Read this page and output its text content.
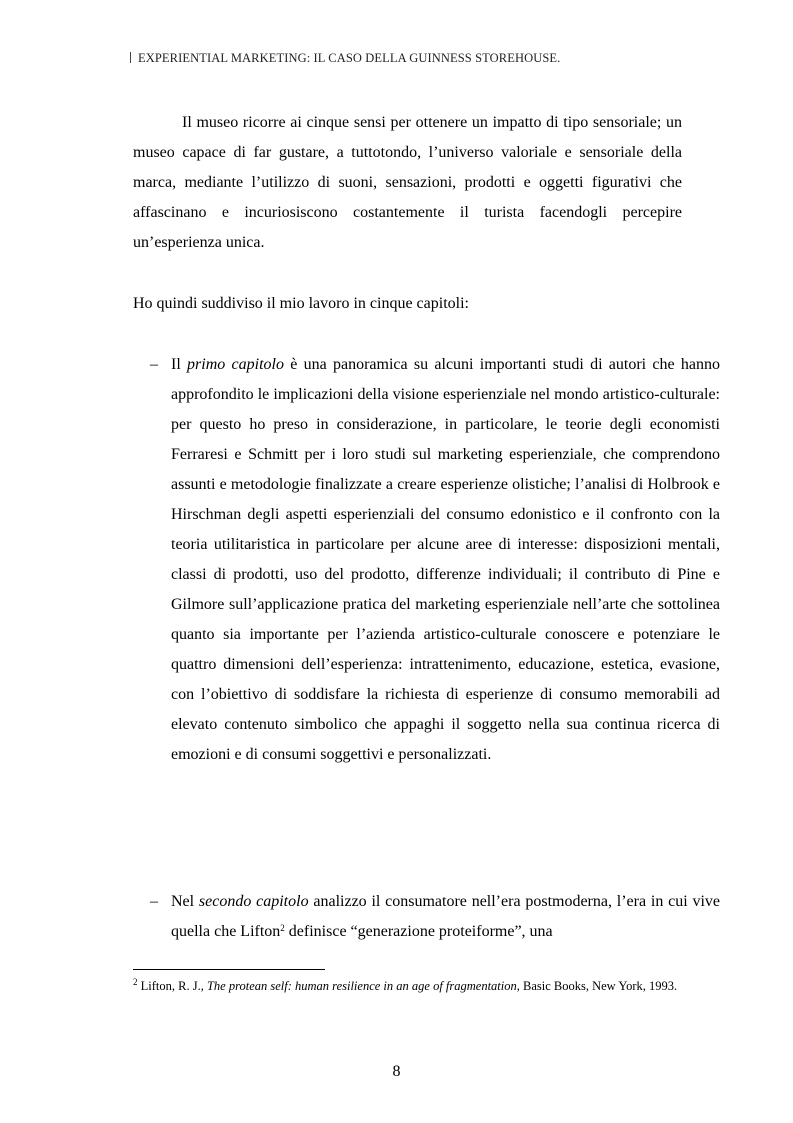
EXPERIENTIAL MARKETING: IL CASO DELLA GUINNESS STOREHOUSE.
Il museo ricorre ai cinque sensi per ottenere un impatto di tipo sensoriale; un museo capace di far gustare, a tuttotondo, l’universo valoriale e sensoriale della marca, mediante l’utilizzo di suoni, sensazioni, prodotti e oggetti figurativi che affascinano e incuriosiscono costantemente il turista facendogli percepire un’esperienza unica.
Ho quindi suddiviso il mio lavoro in cinque capitoli:
– Il primo capitolo è una panoramica su alcuni importanti studi di autori che hanno approfondito le implicazioni della visione esperienziale nel mondo artistico-culturale: per questo ho preso in considerazione, in particolare, le teorie degli economisti Ferraresi e Schmitt per i loro studi sul marketing esperienziale, che comprendono assunti e metodologie finalizzate a creare esperienze olistiche; l’analisi di Holbrook e Hirschman degli aspetti esperienziali del consumo edonistico e il confronto con la teoria utilitaristica in particolare per alcune aree di interesse: disposizioni mentali, classi di prodotti, uso del prodotto, differenze individuali; il contributo di Pine e Gilmore sull’applicazione pratica del marketing esperienziale nell’arte che sottolinea quanto sia importante per l’azienda artistico-culturale conoscere e potenziare le quattro dimensioni dell’esperienza: intrattenimento, educazione, estetica, evasione, con l’obiettivo di soddisfare la richiesta di esperienze di consumo memorabili ad elevato contenuto simbolico che appaghi il soggetto nella sua continua ricerca di emozioni e di consumi soggettivi e personalizzati.
– Nel secondo capitolo analizzo il consumatore nell’era postmoderna, l’era in cui vive quella che Lifton$^2$ definisce “generazione proteiforme”, una
$^2$ Lifton, R. J., The protean self: human resilience in an age of fragmentation, Basic Books, New York, 1993.
8
